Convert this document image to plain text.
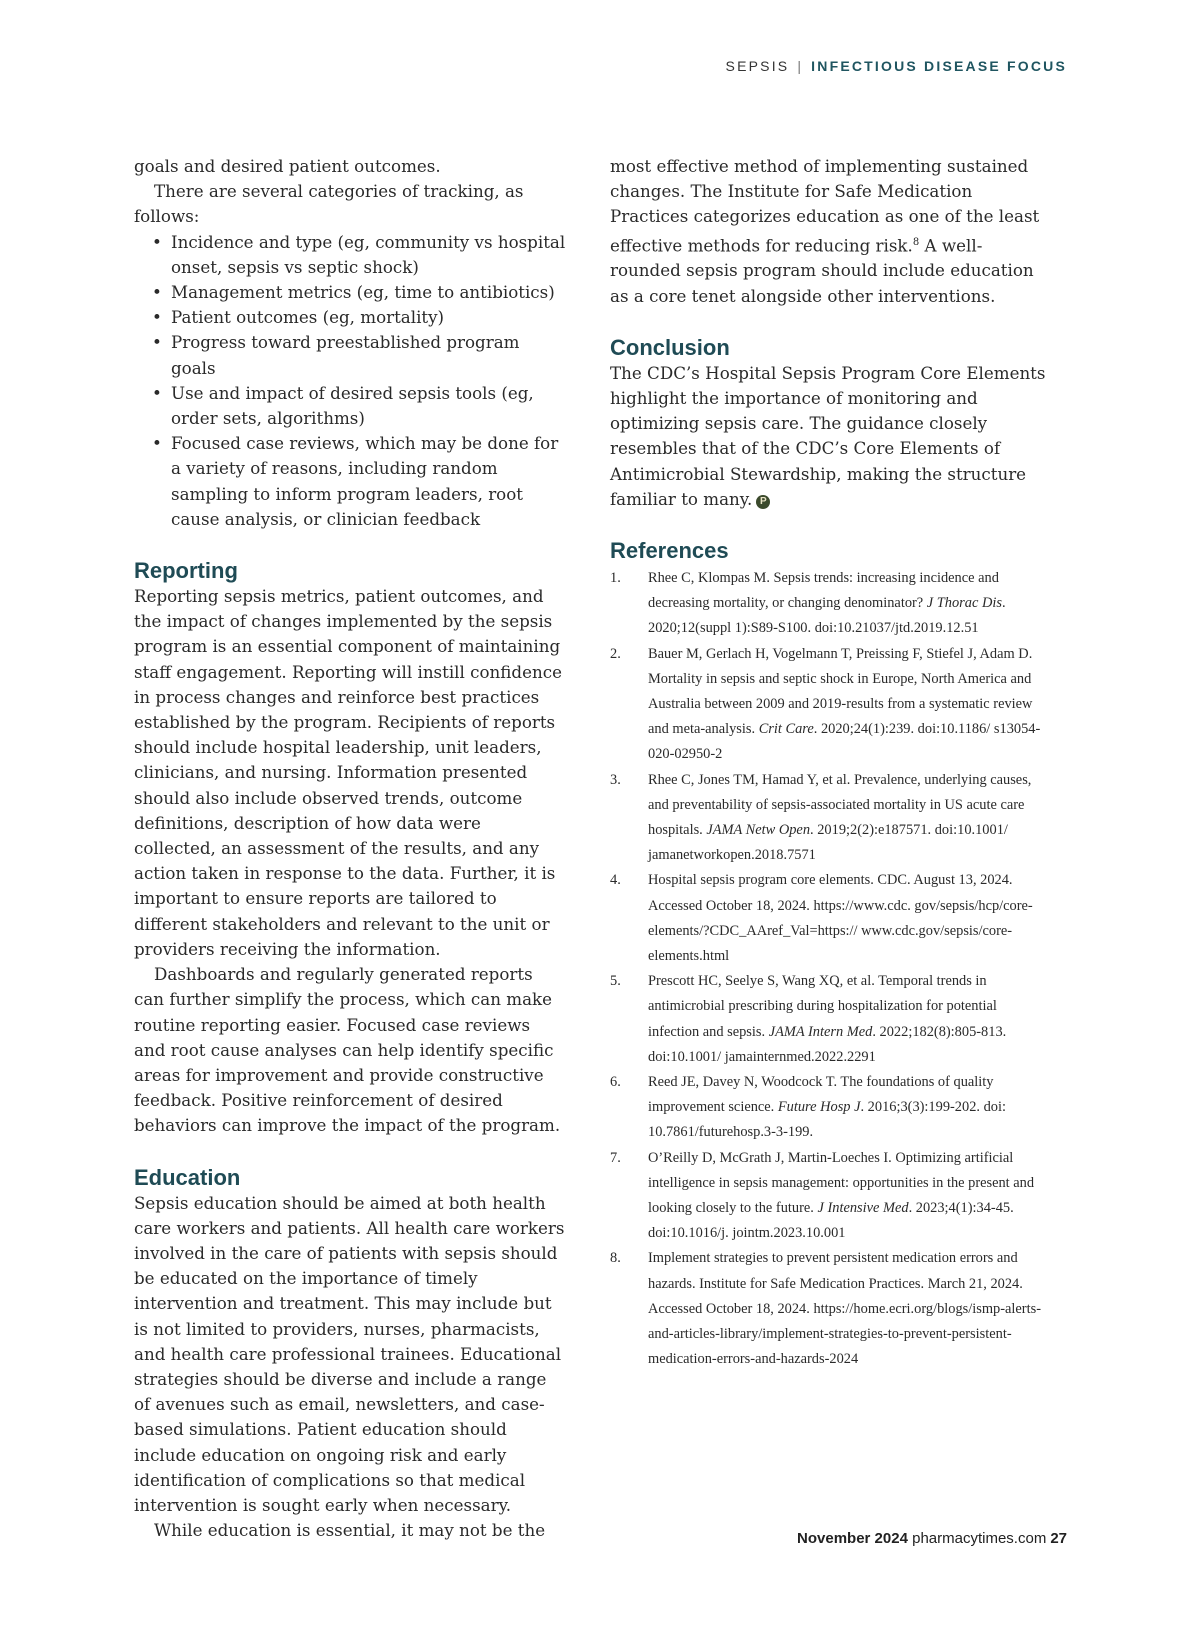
SEPSIS | INFECTIOUS DISEASE FOCUS

goals and desired patient outcomes.

There are several categories of tracking, as follows:

• Incidence and type (eg, community vs hospital onset, sepsis vs septic shock)
• Management metrics (eg, time to antibiotics)
• Patient outcomes (eg, mortality)
• Progress toward preestablished program goals
• Use and impact of desired sepsis tools (eg, order sets, algorithms)
• Focused case reviews, which may be done for a variety of reasons, including random sampling to inform program leaders, root cause analysis, or clinician feedback
Reporting

Reporting sepsis metrics, patient outcomes, and the impact of changes implemented by the sepsis program is an essential component of maintaining staff engagement. Reporting will instill confidence in process changes and reinforce best practices established by the program. Recipients of reports should include hospital leadership, unit leaders, clinicians, and nursing. Information presented should also include observed trends, outcome definitions, description of how data were collected, an assessment of the results, and any action taken in response to the data. Further, it is important to ensure reports are tailored to different stakeholders and relevant to the unit or providers receiving the information.

Dashboards and regularly generated reports can further simplify the process, which can make routine reporting easier. Focused case reviews and root cause analyses can help identify specific areas for improvement and provide constructive feedback. Positive reinforcement of desired behaviors can improve the impact of the program.

Education

Sepsis education should be aimed at both health care workers and patients. All health care workers involved in the care of patients with sepsis should be educated on the importance of timely intervention and treatment. This may include but is not limited to providers, nurses, pharmacists, and health care professional trainees. Educational strategies should be diverse and include a range of avenues such as email, newsletters, and case-based simulations. Patient education should include education on ongoing risk and early identification of complications so that medical intervention is sought early when necessary.

While education is essential, it may not be the

most effective method of implementing sustained changes. The Institute for Safe Medication Practices categorizes education as one of the least effective methods for reducing risk.$^8$ A well-rounded sepsis program should include education as a core tenet alongside other interventions.

Conclusion

The CDC’s Hospital Sepsis Program Core Elements highlight the importance of monitoring and optimizing sepsis care. The guidance closely resembles that of the CDC’s Core Elements of Antimicrobial Stewardship, making the structure familiar to many. P

References
1.	Rhee C, Klompas M. Sepsis trends: increasing incidence and decreasing mortality, or changing denominator? J Thorac Dis. 2020;12(suppl 1):S89-S100. doi:10.21037/jtd.2019.12.51
2.	Bauer M, Gerlach H, Vogelmann T, Preissing F, Stiefel J, Adam D. Mortality in sepsis and septic shock in Europe, North America and Australia between 2009 and 2019-results from a systematic review and meta-analysis. Crit Care. 2020;24(1):239. doi:10.1186/ s13054-020-02950-2
3.	Rhee C, Jones TM, Hamad Y, et al. Prevalence, underlying causes, and preventability of sepsis-associated mortality in US acute care hospitals. JAMA Netw Open. 2019;2(2):e187571. doi:10.1001/ jamanetworkopen.2018.7571
4.	Hospital sepsis program core elements. CDC. August 13, 2024. Accessed October 18, 2024. https://www.cdc. gov/sepsis/hcp/core-elements/?CDC_AAref_Val=https:// www.cdc.gov/sepsis/core-elements.html
5.	Prescott HC, Seelye S, Wang XQ, et al. Temporal trends in antimicrobial prescribing during hospitalization for potential infection and sepsis. JAMA Intern Med. 2022;182(8):805-813. doi:10.1001/ jamainternmed.2022.2291
6.	Reed JE, Davey N, Woodcock T. The foundations of quality improvement science. Future Hosp J. 2016;3(3):199-202. doi: 10.7861/futurehosp.3-3-199.
7.	O’Reilly D, McGrath J, Martin-Loeches I. Optimizing artificial intelligence in sepsis management: opportunities in the present and looking closely to the future. J Intensive Med. 2023;4(1):34-45. doi:10.1016/j. jointm.2023.10.001
8.	Implement strategies to prevent persistent medication errors and hazards. Institute for Safe Medication Practices. March 21, 2024. Accessed October 18, 2024. https://home.ecri.org/blogs/ismp-alerts-and-articles-library/implement-strategies-to-prevent-persistent-medication-errors-and-hazards-2024
November 2024 pharmacytimes.com 27
